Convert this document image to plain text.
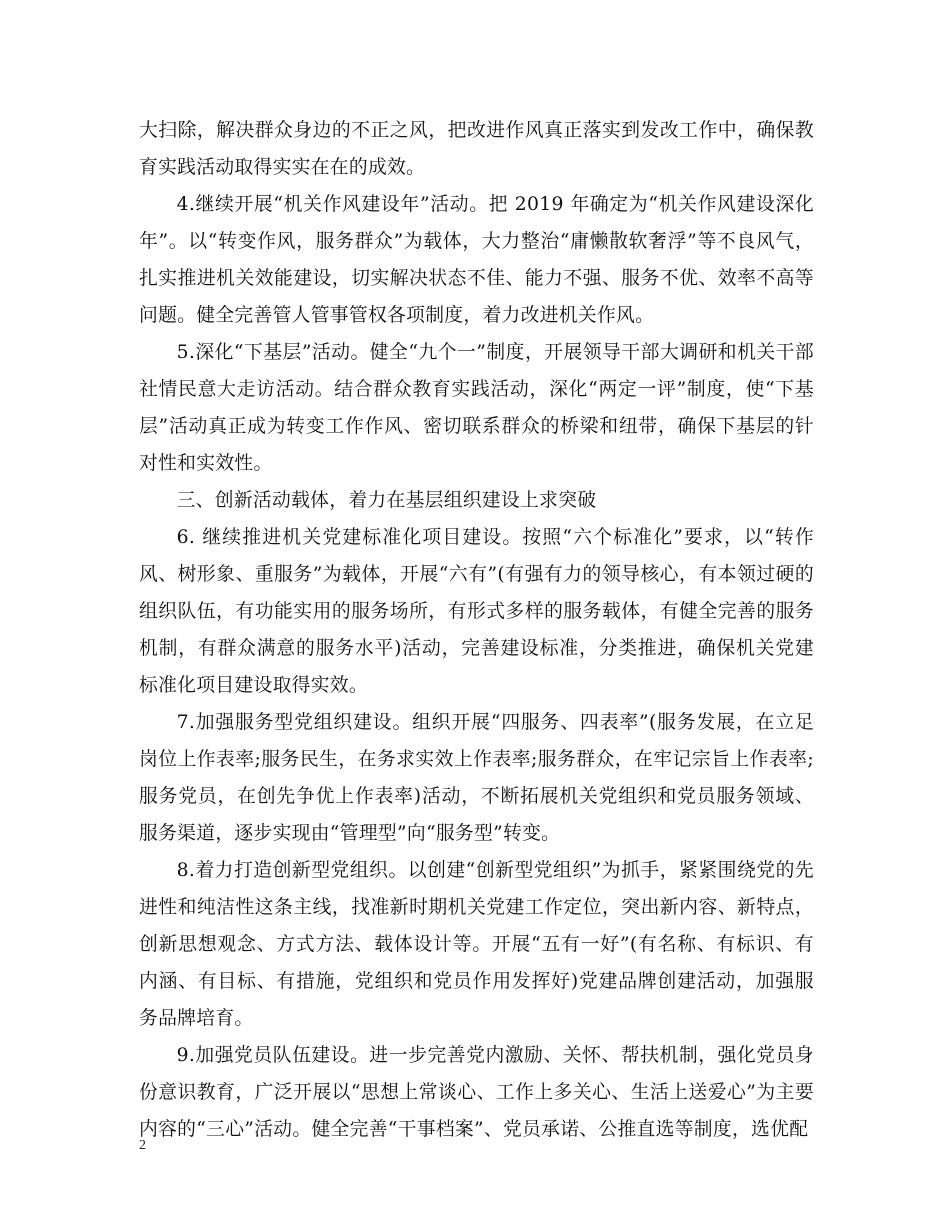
大扫除，解决群众身边的不正之风，把改进作风真正落实到发改工作中，确保教育实践活动取得实实在在的成效。

4.继续开展“机关作风建设年”活动。把 2019 年确定为“机关作风建设深化年”。以“转变作风，服务群众”为载体，大力整治“庸懒散软奢浮”等不良风气，扎实推进机关效能建设，切实解决状态不佳、能力不强、服务不优、效率不高等问题。健全完善管人管事管权各项制度，着力改进机关作风。

5.深化“下基层”活动。健全“九个一”制度，开展领导干部大调研和机关干部社情民意大走访活动。结合群众教育实践活动，深化“两定一评”制度，使“下基层”活动真正成为转变工作作风、密切联系群众的桥梁和纽带，确保下基层的针对性和实效性。

三、创新活动载体，着力在基层组织建设上求突破

6. 继续推进机关党建标准化项目建设。按照“六个标准化”要求，以“转作风、树形象、重服务”为载体，开展“六有”(有强有力的领导核心，有本领过硬的组织队伍，有功能实用的服务场所，有形式多样的服务载体，有健全完善的服务机制，有群众满意的服务水平)活动，完善建设标准，分类推进，确保机关党建标准化项目建设取得实效。

7.加强服务型党组织建设。组织开展“四服务、四表率”(服务发展，在立足岗位上作表率;服务民生，在务求实效上作表率;服务群众，在牢记宗旨上作表率;服务党员，在创先争优上作表率)活动，不断拓展机关党组织和党员服务领域、服务渠道，逐步实现由“管理型”向“服务型”转变。

8.着力打造创新型党组织。以创建“创新型党组织”为抓手，紧紧围绕党的先进性和纯洁性这条主线，找准新时期机关党建工作定位，突出新内容、新特点，创新思想观念、方式方法、载体设计等。开展“五有一好”(有名称、有标识、有内涵、有目标、有措施，党组织和党员作用发挥好)党建品牌创建活动，加强服务品牌培育。

9.加强党员队伍建设。进一步完善党内激励、关怀、帮扶机制，强化党员身份意识教育，广泛开展以“思想上常谈心、工作上多关心、生活上送爱心”为主要内容的“三心”活动。健全完善“干事档案”、党员承诺、公推直选等制度，选优配

2
